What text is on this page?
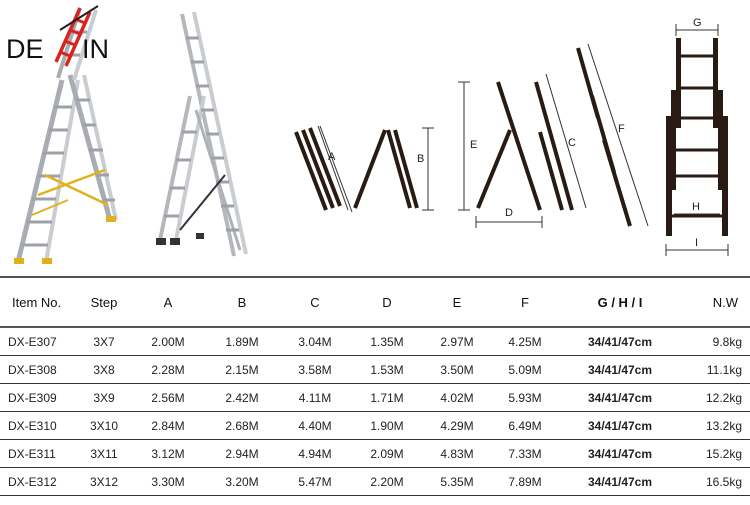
DE IN
A	B
E
D
C
F
G
H
I
Item No.	Step	A	B	C	D	E	F	G / H / I	N.W
DX-E307	3X7	2.00M	1.89M	3.04M	1.35M	2.97M	4.25M	34/41/47cm	9.8kg
DX-E308	3X8	2.28M	2.15M	3.58M	1.53M	3.50M	5.09M	34/41/47cm	11.1kg
DX-E309	3X9	2.56M	2.42M	4.11M	1.71M	4.02M	5.93M	34/41/47cm	12.2kg
DX-E310	3X10	2.84M	2.68M	4.40M	1.90M	4.29M	6.49M	34/41/47cm	13.2kg
DX-E311	3X11	3.12M	2.94M	4.94M	2.09M	4.83M	7.33M	34/41/47cm	15.2kg
DX-E312	3X12	3.30M	3.20M	5.47M	2.20M	5.35M	7.89M	34/41/47cm	16.5kg
